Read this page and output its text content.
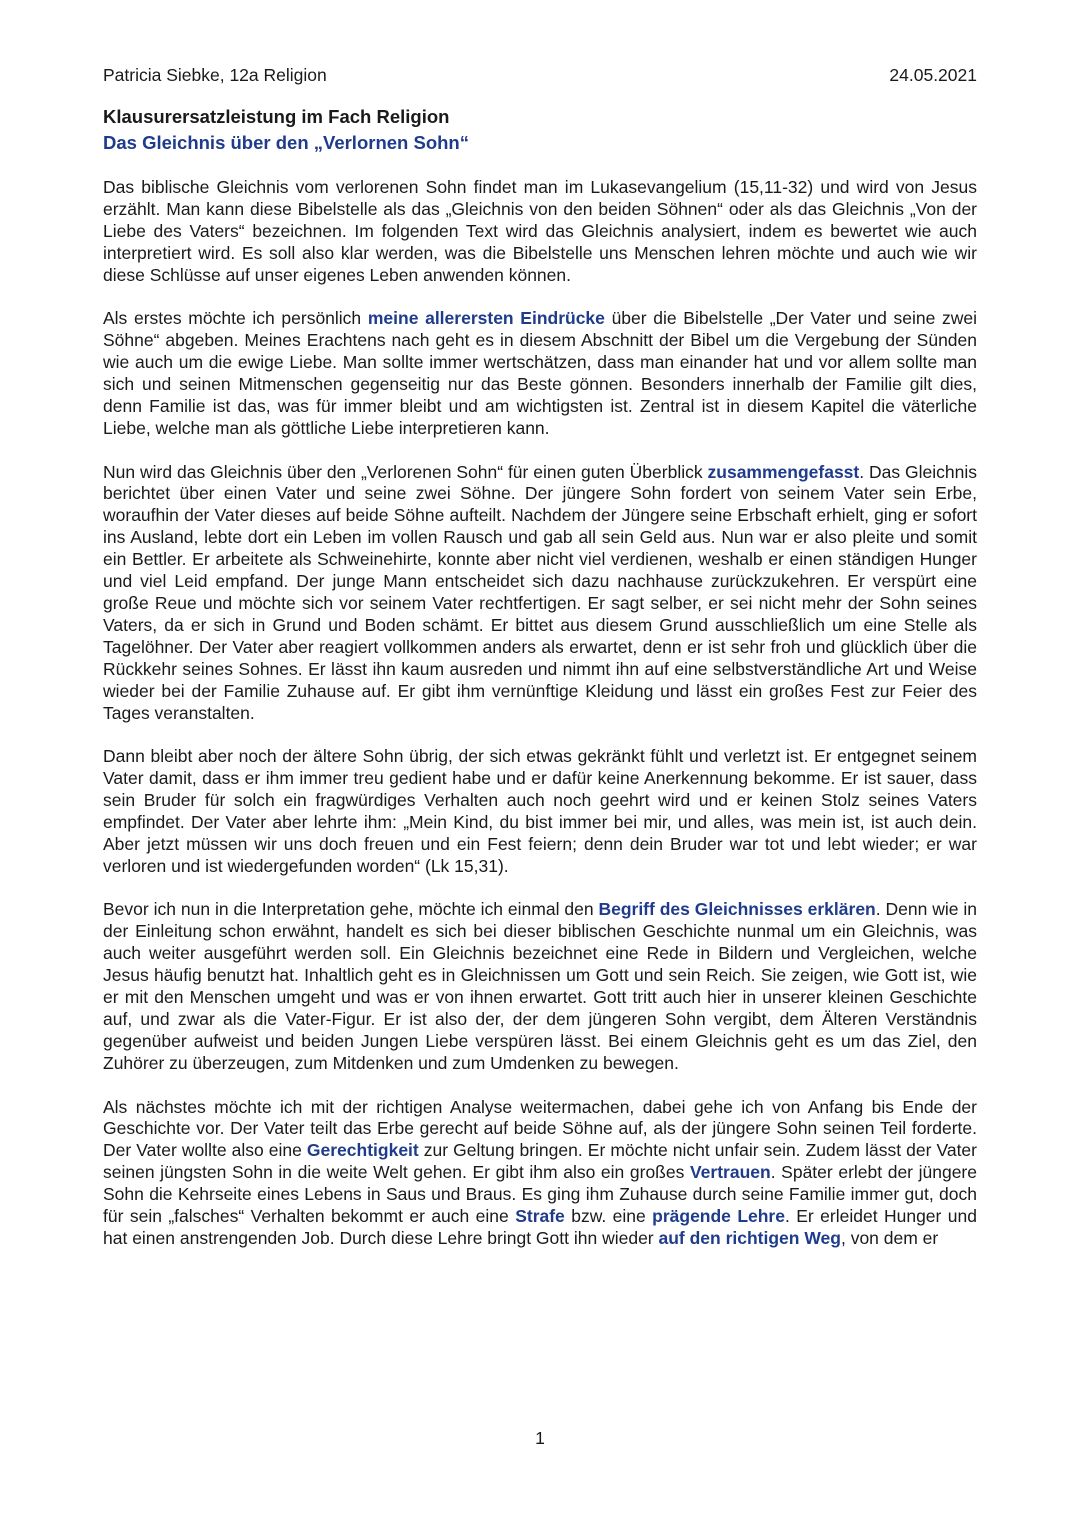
Patricia Siebke, 12a Religion	24.05.2021
Klausurersatzleistung im Fach Religion
Das Gleichnis über den „Verlornen Sohn“

Das biblische Gleichnis vom verlorenen Sohn findet man im Lukasevangelium (15,11-32) und wird von Jesus erzählt. Man kann diese Bibelstelle als das „Gleichnis von den beiden Söhnen“ oder als das Gleichnis „Von der Liebe des Vaters“ bezeichnen. Im folgenden Text wird das Gleichnis analysiert, indem es bewertet wie auch interpretiert wird. Es soll also klar werden, was die Bibelstelle uns Menschen lehren möchte und auch wie wir diese Schlüsse auf unser eigenes Leben anwenden können.

Als erstes möchte ich persönlich meine allerersten Eindrücke über die Bibelstelle „Der Vater und seine zwei Söhne“ abgeben. Meines Erachtens nach geht es in diesem Abschnitt der Bibel um die Vergebung der Sünden wie auch um die ewige Liebe. Man sollte immer wertschätzen, dass man einander hat und vor allem sollte man sich und seinen Mitmenschen gegenseitig nur das Beste gönnen. Besonders innerhalb der Familie gilt dies, denn Familie ist das, was für immer bleibt und am wichtigsten ist. Zentral ist in diesem Kapitel die väterliche Liebe, welche man als göttliche Liebe interpretieren kann.

Nun wird das Gleichnis über den „Verlorenen Sohn“ für einen guten Überblick zusammengefasst. Das Gleichnis berichtet über einen Vater und seine zwei Söhne. Der jüngere Sohn fordert von seinem Vater sein Erbe, woraufhin der Vater dieses auf beide Söhne aufteilt. Nachdem der Jüngere seine Erbschaft erhielt, ging er sofort ins Ausland, lebte dort ein Leben im vollen Rausch und gab all sein Geld aus. Nun war er also pleite und somit ein Bettler. Er arbeitete als Schweinehirte, konnte aber nicht viel verdienen, weshalb er einen ständigen Hunger und viel Leid empfand. Der junge Mann entscheidet sich dazu nachhause zurückzukehren. Er verspürt eine große Reue und möchte sich vor seinem Vater rechtfertigen. Er sagt selber, er sei nicht mehr der Sohn seines Vaters, da er sich in Grund und Boden schämt. Er bittet aus diesem Grund ausschließlich um eine Stelle als Tagelöhner. Der Vater aber reagiert vollkommen anders als erwartet, denn er ist sehr froh und glücklich über die Rückkehr seines Sohnes. Er lässt ihn kaum ausreden und nimmt ihn auf eine selbstverständliche Art und Weise wieder bei der Familie Zuhause auf. Er gibt ihm vernünftige Kleidung und lässt ein großes Fest zur Feier des Tages veranstalten.

Dann bleibt aber noch der ältere Sohn übrig, der sich etwas gekränkt fühlt und verletzt ist. Er entgegnet seinem Vater damit, dass er ihm immer treu gedient habe und er dafür keine Anerkennung bekomme. Er ist sauer, dass sein Bruder für solch ein fragwürdiges Verhalten auch noch geehrt wird und er keinen Stolz seines Vaters empfindet. Der Vater aber lehrte ihm: „Mein Kind, du bist immer bei mir, und alles, was mein ist, ist auch dein. Aber jetzt müssen wir uns doch freuen und ein Fest feiern; denn dein Bruder war tot und lebt wieder; er war verloren und ist wiedergefunden worden“ (Lk 15,31).

Bevor ich nun in die Interpretation gehe, möchte ich einmal den Begriff des Gleichnisses erklären. Denn wie in der Einleitung schon erwähnt, handelt es sich bei dieser biblischen Geschichte nunmal um ein Gleichnis, was auch weiter ausgeführt werden soll. Ein Gleichnis bezeichnet eine Rede in Bildern und Vergleichen, welche Jesus häufig benutzt hat. Inhaltlich geht es in Gleichnissen um Gott und sein Reich. Sie zeigen, wie Gott ist, wie er mit den Menschen umgeht und was er von ihnen erwartet. Gott tritt auch hier in unserer kleinen Geschichte auf, und zwar als die Vater-Figur. Er ist also der, der dem jüngeren Sohn vergibt, dem Älteren Verständnis gegenüber aufweist und beiden Jungen Liebe verspüren lässt. Bei einem Gleichnis geht es um das Ziel, den Zuhörer zu überzeugen, zum Mitdenken und zum Umdenken zu bewegen.

Als nächstes möchte ich mit der richtigen Analyse weitermachen, dabei gehe ich von Anfang bis Ende der Geschichte vor. Der Vater teilt das Erbe gerecht auf beide Söhne auf, als der jüngere Sohn seinen Teil forderte. Der Vater wollte also eine Gerechtigkeit zur Geltung bringen. Er möchte nicht unfair sein. Zudem lässt der Vater seinen jüngsten Sohn in die weite Welt gehen. Er gibt ihm also ein großes Vertrauen. Später erlebt der jüngere Sohn die Kehrseite eines Lebens in Saus und Braus. Es ging ihm Zuhause durch seine Familie immer gut, doch für sein „falsches“ Verhalten bekommt er auch eine Strafe bzw. eine prägende Lehre. Er erleidet Hunger und hat einen anstrengenden Job. Durch diese Lehre bringt Gott ihn wieder auf den richtigen Weg, von dem er

1
